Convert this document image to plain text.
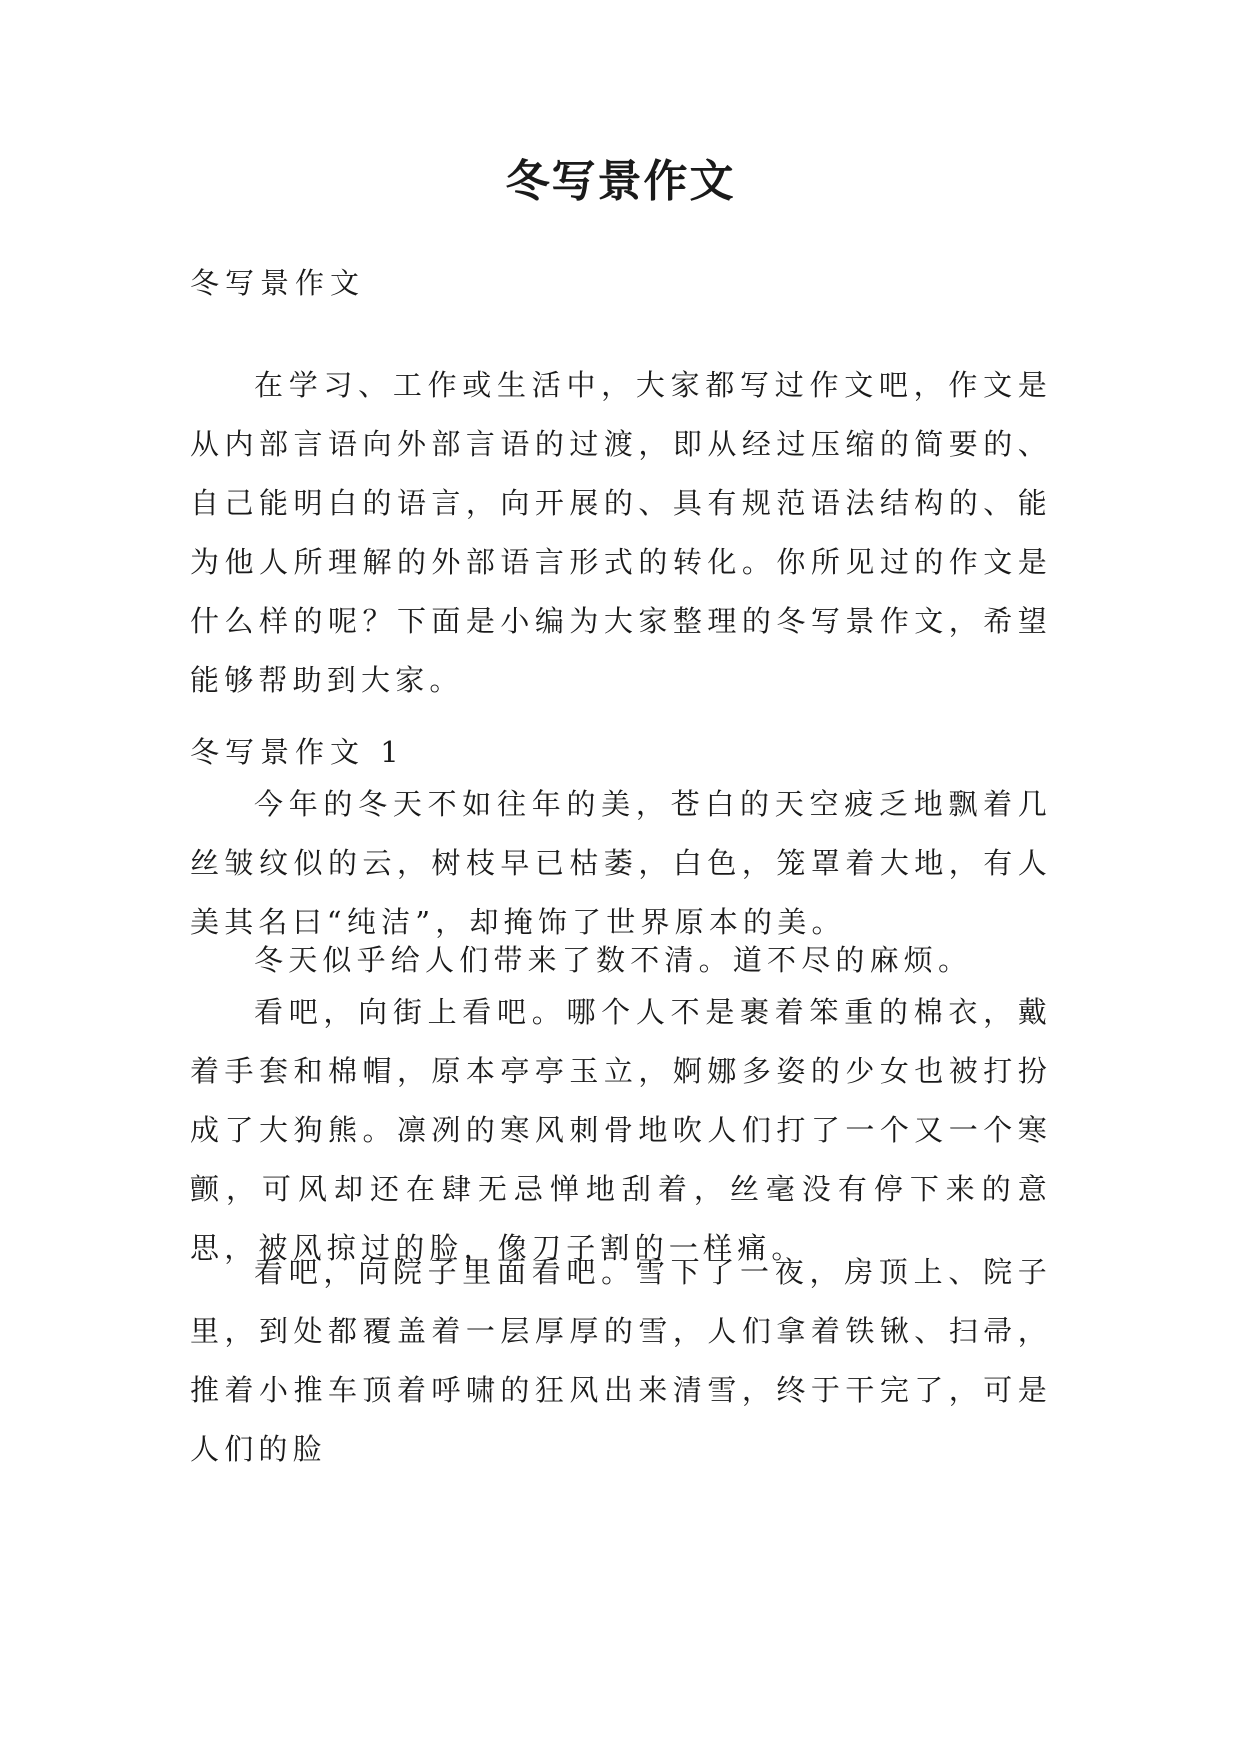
冬写景作文

冬写景作文

在学习、工作或生活中，大家都写过作文吧，作文是从内部言语向外部言语的过渡，即从经过压缩的简要的、自己能明白的语言，向开展的、具有规范语法结构的、能为他人所理解的外部语言形式的转化。你所见过的作文是什么样的呢？下面是小编为大家整理的冬写景作文，希望能够帮助到大家。

冬写景作文 1

今年的冬天不如往年的美，苍白的天空疲乏地飘着几丝皱纹似的云，树枝早已枯萎，白色，笼罩着大地，有人美其名曰“纯洁”，却掩饰了世界原本的美。

冬天似乎给人们带来了数不清。道不尽的麻烦。

看吧，向街上看吧。哪个人不是裹着笨重的棉衣，戴着手套和棉帽，原本亭亭玉立，婀娜多姿的少女也被打扮成了大狗熊。凛冽的寒风刺骨地吹人们打了一个又一个寒颤，可风却还在肆无忌惮地刮着，丝毫没有停下来的意思，被风掠过的脸，像刀子割的一样痛。

看吧，向院子里面看吧。雪下了一夜，房顶上、院子里，到处都覆盖着一层厚厚的雪，人们拿着铁锹、扫帚，推着小推车顶着呼啸的狂风出来清雪，终于干完了，可是人们的脸
